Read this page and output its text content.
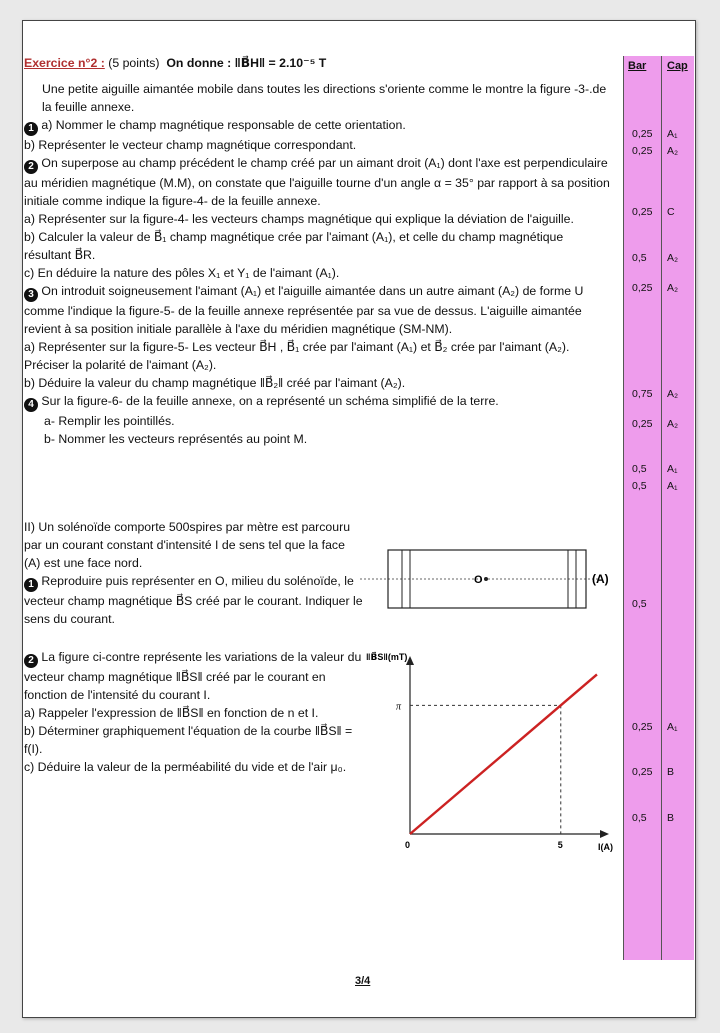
Bar Cap
0,25 A₁
0,25 A₂
0,25 C
0,5 A₂
0,25 A₂
0,75 A₂
0,25 A₂
0,5 A₁
0,5 A₁
0,5
0,25 A₁
0,25 B
0,5 B

Exercice n°2 : (5 points) On donne : ‖B⃗H‖ = 2.10⁻⁵ T

Une petite aiguille aimantée mobile dans toutes les directions s'oriente comme le montre la figure -3-.de la feuille annexe.

1 a) Nommer le champ magnétique responsable de cette orientation.

b) Représenter le vecteur champ magnétique correspondant.

2 On superpose au champ précédent le champ créé par un aimant droit (A₁) dont l'axe est perpendiculaire au méridien magnétique (M.M), on constate que l'aiguille tourne d'un angle α = 35° par rapport à sa position initiale comme indique la figure-4- de la feuille annexe.

a) Représenter sur la figure-4- les vecteurs champs magnétique qui explique la déviation de l'aiguille.

b) Calculer la valeur de B⃗₁ champ magnétique crée par l'aimant (A₁), et celle du champ magnétique résultant B⃗R.

c) En déduire la nature des pôles X₁ et Y₁ de l'aimant (A₁).

3 On introduit soigneusement l'aimant (A₁) et l'aiguille aimantée dans un autre aimant (A₂) de forme U comme l'indique la figure-5- de la feuille annexe représentée par sa vue de dessus. L'aiguille aimantée revient à sa position initiale parallèle à l'axe du méridien magnétique (SM-NM).

a) Représenter sur la figure-5- Les vecteur B⃗H , B⃗₁ crée par l'aimant (A₁) et B⃗₂ crée par l'aimant (A₂). Préciser la polarité de l'aimant (A₂).

b) Déduire la valeur du champ magnétique ‖B⃗₂‖ créé par l'aimant (A₂).

4 Sur la figure-6- de la feuille annexe, on a représenté un schéma simplifié de la terre.

a- Remplir les pointillés.

b- Nommer les vecteurs représentés au point M.

II) Un solénoïde comporte 500spires par mètre est parcouru par un courant constant d'intensité I de sens tel que la face (A) est une face nord.

1 Reproduire puis représenter en O, milieu du solénoïde, le vecteur champ magnétique B⃗S créé par le courant. Indiquer le sens du courant.

2 La figure ci-contre représente les variations de la valeur du vecteur champ magnétique ‖B⃗S‖ créé par le courant en fonction de l'intensité du courant I.

a) Rappeler l'expression de ‖B⃗S‖ en fonction de n et I.

b) Déterminer graphiquement l'équation de la courbe ‖B⃗S‖ = f(I).

c) Déduire la valeur de la perméabilité du vide et de l'air μ₀.

O	(A)
‖B⃗S‖(mT)
I(A)
0	5
π
3/4
